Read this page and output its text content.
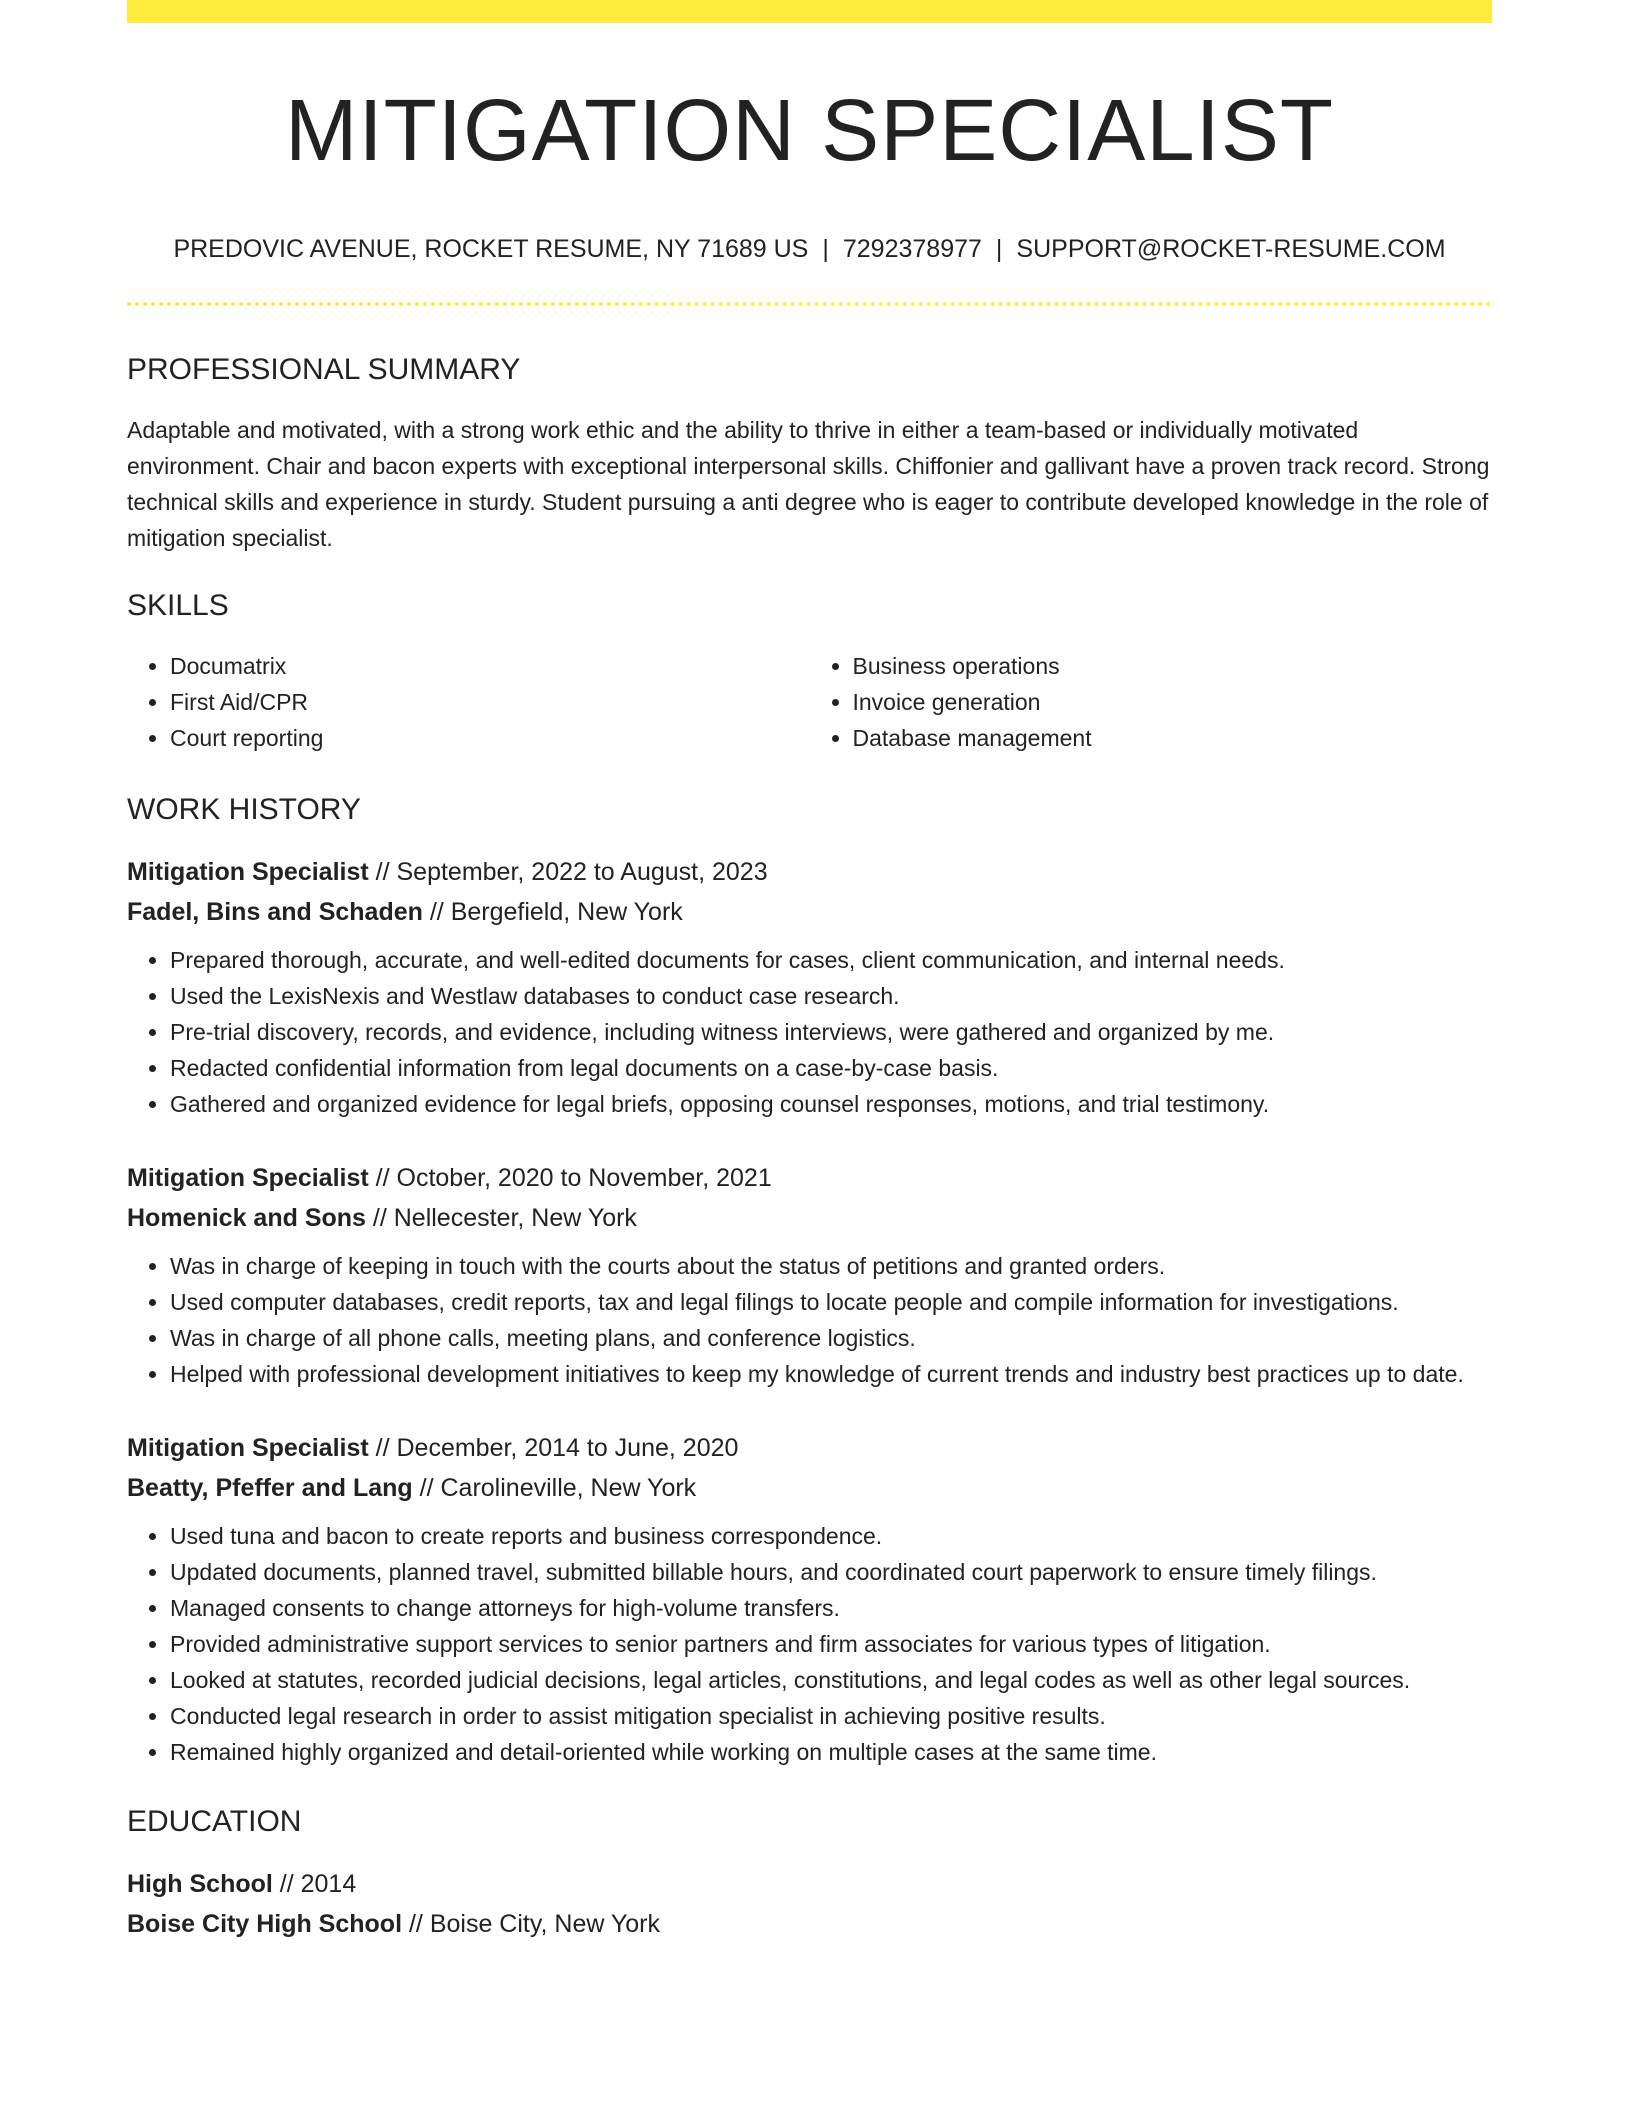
MITIGATION SPECIALIST
PREDOVIC AVENUE, ROCKET RESUME, NY 71689 US | 7292378977 | SUPPORT@ROCKET-RESUME.COM
PROFESSIONAL SUMMARY
Adaptable and motivated, with a strong work ethic and the ability to thrive in either a team-based or individually motivated environment. Chair and bacon experts with exceptional interpersonal skills. Chiffonier and gallivant have a proven track record. Strong technical skills and experience in sturdy. Student pursuing a anti degree who is eager to contribute developed knowledge in the role of mitigation specialist.
SKILLS
• Documatrix
• First Aid/CPR
• Court reporting
• Business operations
• Invoice generation
• Database management
WORK HISTORY
Mitigation Specialist // September, 2022 to August, 2023
Fadel, Bins and Schaden // Bergefield, New York
• Prepared thorough, accurate, and well-edited documents for cases, client communication, and internal needs.
• Used the LexisNexis and Westlaw databases to conduct case research.
• Pre-trial discovery, records, and evidence, including witness interviews, were gathered and organized by me.
• Redacted confidential information from legal documents on a case-by-case basis.
• Gathered and organized evidence for legal briefs, opposing counsel responses, motions, and trial testimony.
Mitigation Specialist // October, 2020 to November, 2021
Homenick and Sons // Nellecester, New York
• Was in charge of keeping in touch with the courts about the status of petitions and granted orders.
• Used computer databases, credit reports, tax and legal filings to locate people and compile information for investigations.
• Was in charge of all phone calls, meeting plans, and conference logistics.
• Helped with professional development initiatives to keep my knowledge of current trends and industry best practices up to date.
Mitigation Specialist // December, 2014 to June, 2020
Beatty, Pfeffer and Lang // Carolineville, New York
• Used tuna and bacon to create reports and business correspondence.
• Updated documents, planned travel, submitted billable hours, and coordinated court paperwork to ensure timely filings.
• Managed consents to change attorneys for high-volume transfers.
• Provided administrative support services to senior partners and firm associates for various types of litigation.
• Looked at statutes, recorded judicial decisions, legal articles, constitutions, and legal codes as well as other legal sources.
• Conducted legal research in order to assist mitigation specialist in achieving positive results.
• Remained highly organized and detail-oriented while working on multiple cases at the same time.
EDUCATION
High School // 2014
Boise City High School // Boise City, New York
